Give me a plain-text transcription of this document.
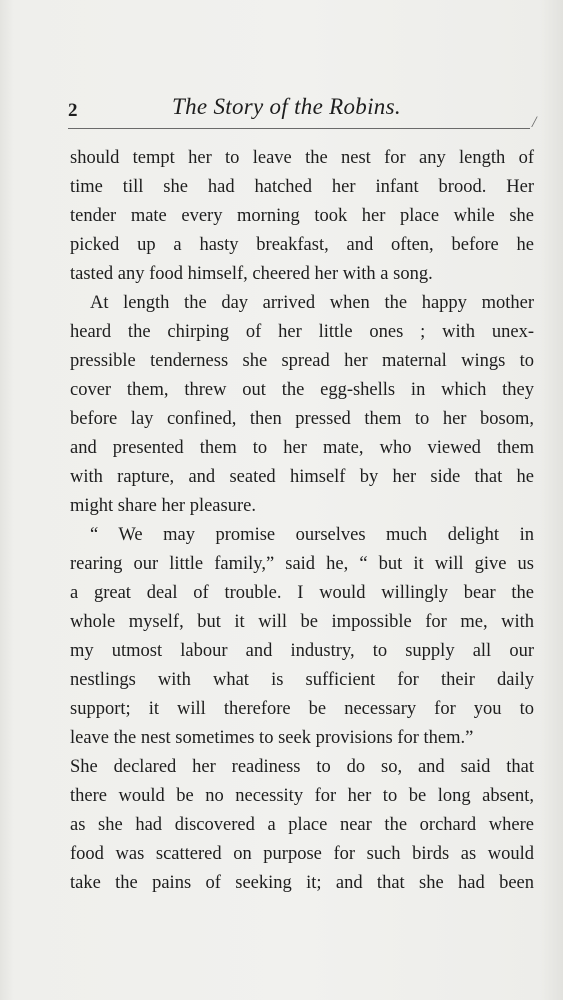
2	The Story of the Robins.
/
should tempt her to leave the nest for any length of
time till she had hatched her infant brood. Her
tender mate every morning took her place while she
picked up a hasty breakfast, and often, before he
tasted any food himself, cheered her with a song.
At length the day arrived when the happy mother
heard the chirping of her little ones ; with unex-
pressible tenderness she spread her maternal wings to
cover them, threw out the egg-shells in which they
before lay confined, then pressed them to her bosom,
and presented them to her mate, who viewed them
with rapture, and seated himself by her side that he
might share her pleasure.
“ We may promise ourselves much delight in
rearing our little family,” said he, “ but it will give us
a great deal of trouble. I would willingly bear the
whole myself, but it will be impossible for me, with
my utmost labour and industry, to supply all our
nestlings with what is sufficient for their daily
support; it will therefore be necessary for you to
leave the nest sometimes to seek provisions for them.”
She declared her readiness to do so, and said that
there would be no necessity for her to be long absent,
as she had discovered a place near the orchard where
food was scattered on purpose for such birds as would
take the pains of seeking it; and that she had been
